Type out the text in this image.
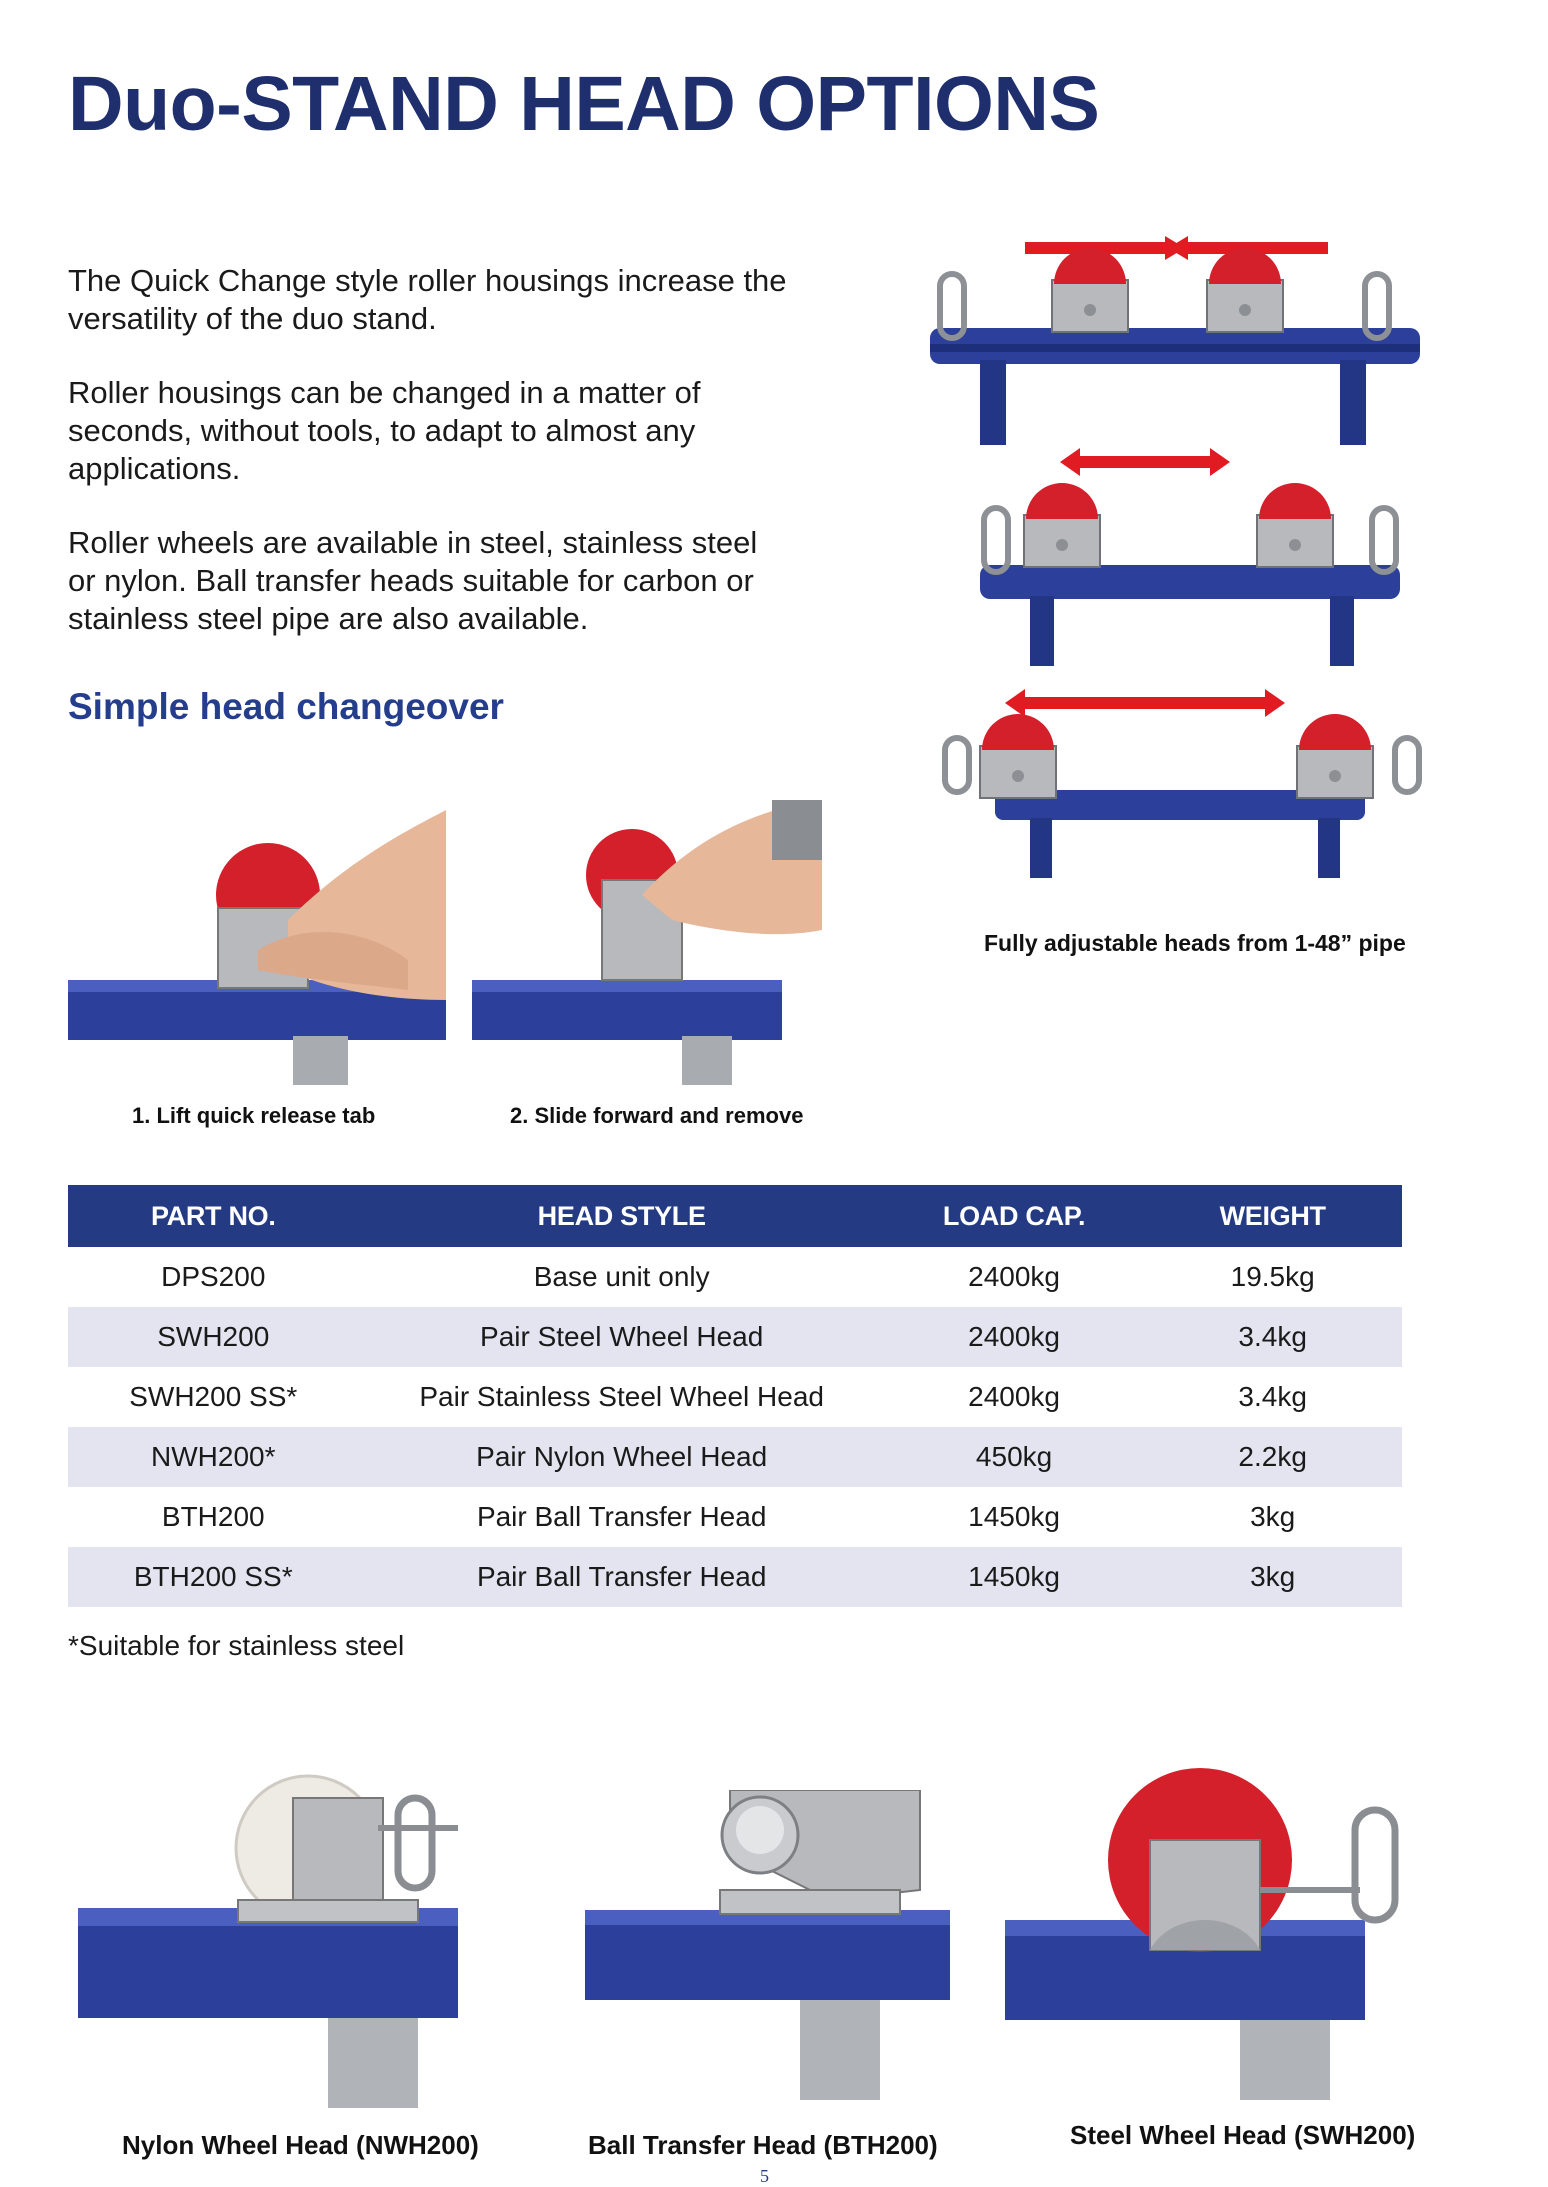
Duo-STAND HEAD OPTIONS

The Quick Change style roller housings increase the versatility of the duo stand.

Roller housings can be changed in a matter of seconds, without tools, to adapt to almost any applications.

Roller wheels are available in steel, stainless steel or nylon. Ball transfer heads suitable for carbon or stainless steel pipe are also available.

Fully adjustable heads from 1-48” pipe
Simple head changeover
1. Lift quick release tab	2. Slide forward and remove
PART NO.	HEAD STYLE	LOAD CAP.	WEIGHT
DPS200	Base unit only	2400kg	19.5kg
SWH200	Pair Steel Wheel Head	2400kg	3.4kg
SWH200 SS*	Pair Stainless Steel Wheel Head	2400kg	3.4kg
NWH200*	Pair Nylon Wheel Head	450kg	2.2kg
BTH200	Pair Ball Transfer Head	1450kg	3kg
BTH200 SS*	Pair Ball Transfer Head	1450kg	3kg
*Suitable for stainless steel
Nylon Wheel Head (NWH200)	Ball Transfer Head (BTH200)	Steel Wheel Head (SWH200)
5
